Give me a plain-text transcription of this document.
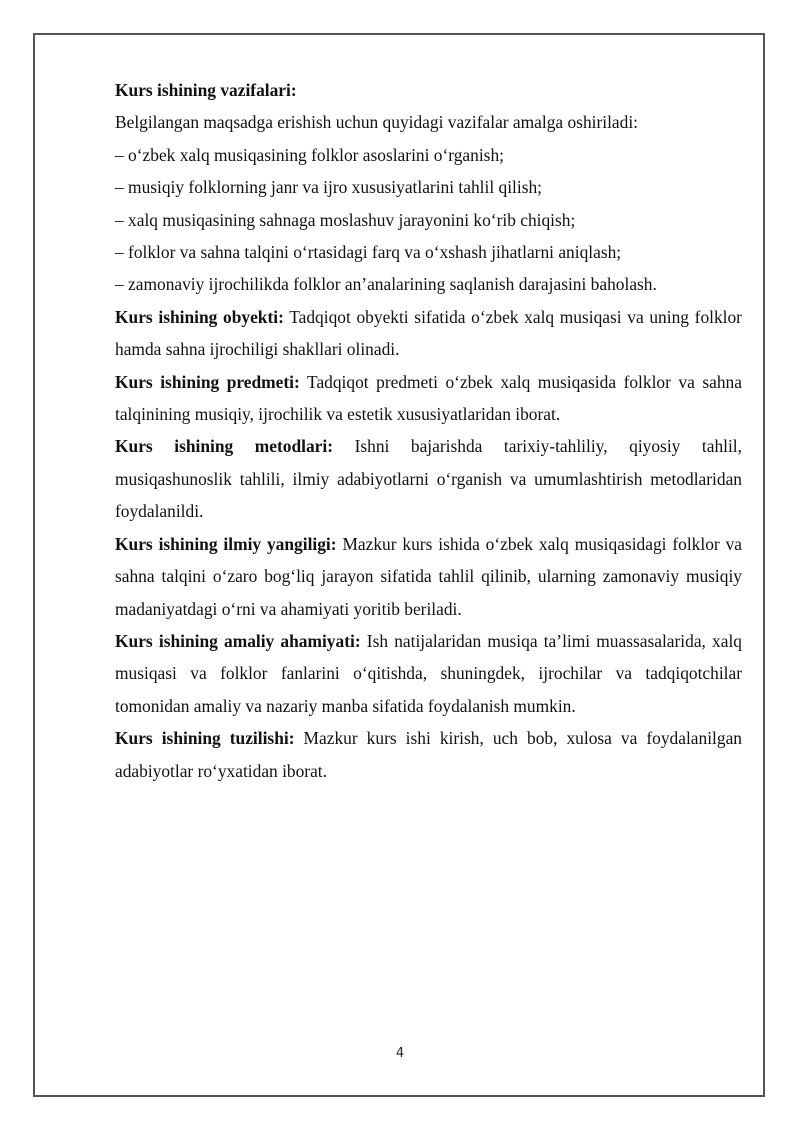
Kurs ishining vazifalari:
Belgilangan maqsadga erishish uchun quyidagi vazifalar amalga oshiriladi:
– o‘zbek xalq musiqasining folklor asoslarini o‘rganish;
– musiqiy folklorning janr va ijro xususiyatlarini tahlil qilish;
– xalq musiqasining sahnaga moslashuv jarayonini ko‘rib chiqish;
– folklor va sahna talqini o‘rtasidagi farq va o‘xshash jihatlarni aniqlash;
– zamonaviy ijrochilikda folklor an’analarining saqlanish darajasini baholash.

Kurs ishining obyekti: Tadqiqot obyekti sifatida o‘zbek xalq musiqasi va uning folklor hamda sahna ijrochiligi shakllari olinadi.

Kurs ishining predmeti: Tadqiqot predmeti o‘zbek xalq musiqasida folklor va sahna talqinining musiqiy, ijrochilik va estetik xususiyatlaridan iborat.

Kurs ishining metodlari: Ishni bajarishda tarixiy-tahliliy, qiyosiy tahlil, musiqashunoslik tahlili, ilmiy adabiyotlarni o‘rganish va umumlashtirish metodlaridan foydalanildi.

Kurs ishining ilmiy yangiligi: Mazkur kurs ishida o‘zbek xalq musiqasidagi folklor va sahna talqini o‘zaro bog‘liq jarayon sifatida tahlil qilinib, ularning zamonaviy musiqiy madaniyatdagi o‘rni va ahamiyati yoritib beriladi.

Kurs ishining amaliy ahamiyati: Ish natijalaridan musiqa ta’limi muassasalarida, xalq musiqasi va folklor fanlarini o‘qitishda, shuningdek, ijrochilar va tadqiqotchilar tomonidan amaliy va nazariy manba sifatida foydalanish mumkin.

Kurs ishining tuzilishi: Mazkur kurs ishi kirish, uch bob, xulosa va foydalanilgan adabiyotlar ro‘yxatidan iborat.

4
